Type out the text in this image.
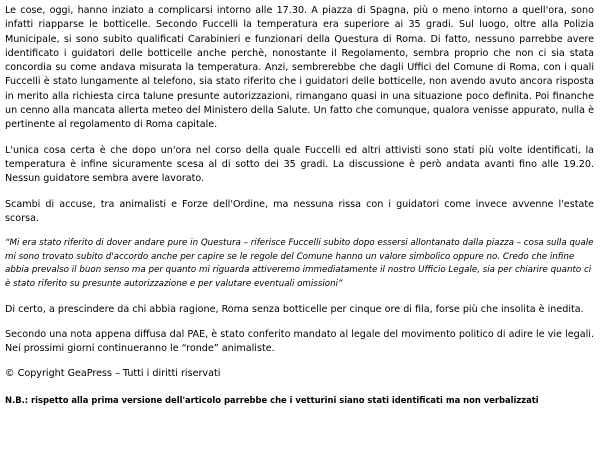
Le cose, oggi, hanno inziato a complicarsi intorno alle 17.30. A piazza di Spagna, più o meno intorno a quell'ora, sono infatti riapparse le botticelle. Secondo Fuccelli la temperatura era superiore ai 35 gradi. Sul luogo, oltre alla Polizia Municipale, si sono subito qualificati Carabinieri e funzionari della Questura di Roma. Di fatto, nessuno parrebbe avere identificato i guidatori delle botticelle anche perchè, nonostante il Regolamento, sembra proprio che non ci sia stata concordia su come andava misurata la temperatura. Anzi, sembrerebbe che dagli Uffici del Comune di Roma, con i quali Fuccelli è stato lungamente al telefono, sia stato riferito che i guidatori delle botticelle, non avendo avuto ancora risposta in merito alla richiesta circa talune presunte autorizzazioni, rimangano quasi in una situazione poco definita. Poi finanche un cenno alla mancata allerta meteo del Ministero della Salute. Un fatto che comunque, qualora venisse appurato, nulla è pertinente al regolamento di Roma capitale.

L'unica cosa certa è che dopo un'ora nel corso della quale Fuccelli ed altri attivisti sono stati più volte identificati, la temperatura è infine sicuramente scesa al di sotto dei 35 gradi. La discussione è però andata avanti fino alle 19.20. Nessun guidatore sembra avere lavorato.

Scambi di accuse, tra animalisti e Forze dell'Ordine, ma nessuna rissa con i guidatori come invece avvenne l'estate scorsa.

“Mi era stato riferito di dover andare pure in Questura – riferisce Fuccelli subito dopo essersi allontanato dalla piazza – cosa sulla quale mi sono trovato subito d'accordo anche per capire se le regole del Comune hanno un valore simbolico oppure no. Credo che infine abbia prevalso il buon senso ma per quanto mi riguarda attiveremo immediatamente il nostro Ufficio Legale, sia per chiarire quanto ci è stato riferito su presunte autorizzazione e per valutare eventuali omissioni”

Di certo, a prescindere da chi abbia ragione, Roma senza botticelle per cinque ore di fila, forse più che insolita è inedita.

Secondo una nota appena diffusa dal PAE, è stato conferito mandato al legale del movimento politico di adire le vie legali. Nei prossimi giorni continueranno le “ronde” animaliste.

© Copyright GeaPress – Tutti i diritti riservati

N.B.: rispetto alla prima versione dell'articolo parrebbe che i vetturini siano stati identificati ma non verbalizzati
